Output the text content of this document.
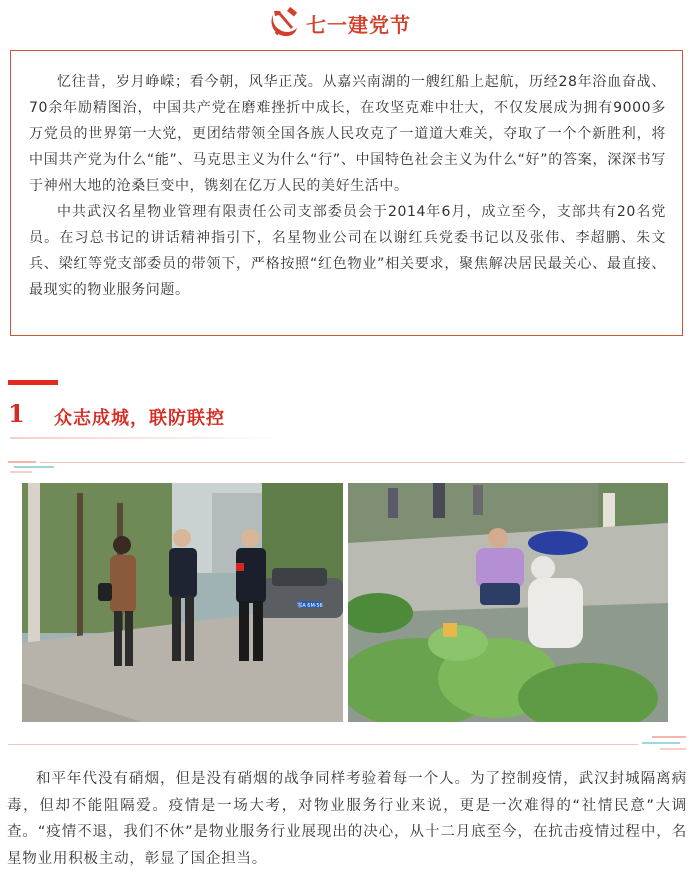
七一建党节

忆往昔，岁月峥嵘；看今朝，风华正茂。从嘉兴南湖的一艘红船上起航，历经28年浴血奋战、70余年励精图治，中国共产党在磨难挫折中成长，在攻坚克难中壮大，不仅发展成为拥有9000多万党员的世界第一大党，更团结带领全国各族人民攻克了一道道大难关，夺取了一个个新胜利，将中国共产党为什么“能”、马克思主义为什么“行”、中国特色社会主义为什么“好”的答案，深深书写于神州大地的沧桑巨变中，镌刻在亿万人民的美好生活中。

中共武汉名星物业管理有限责任公司支部委员会于2014年6月，成立至今，支部共有20名党员。在习总书记的讲话精神指引下，名星物业公司在以谢红兵党委书记以及张伟、李超鹏、朱文兵、梁红等党支部委员的带领下，严格按照“红色物业”相关要求，聚焦解决居民最关心、最直接、最现实的物业服务问题。

1 众志成城，联防联控
鄂A 6M·56

和平年代没有硝烟，但是没有硝烟的战争同样考验着每一个人。为了控制疫情，武汉封城隔离病毒，但却不能阻隔爱。疫情是一场大考，对物业服务行业来说，更是一次难得的“社情民意”大调查。“疫情不退，我们不休”是物业服务行业展现出的决心，从十二月底至今，在抗击疫情过程中，名星物业用积极主动，彰显了国企担当。
